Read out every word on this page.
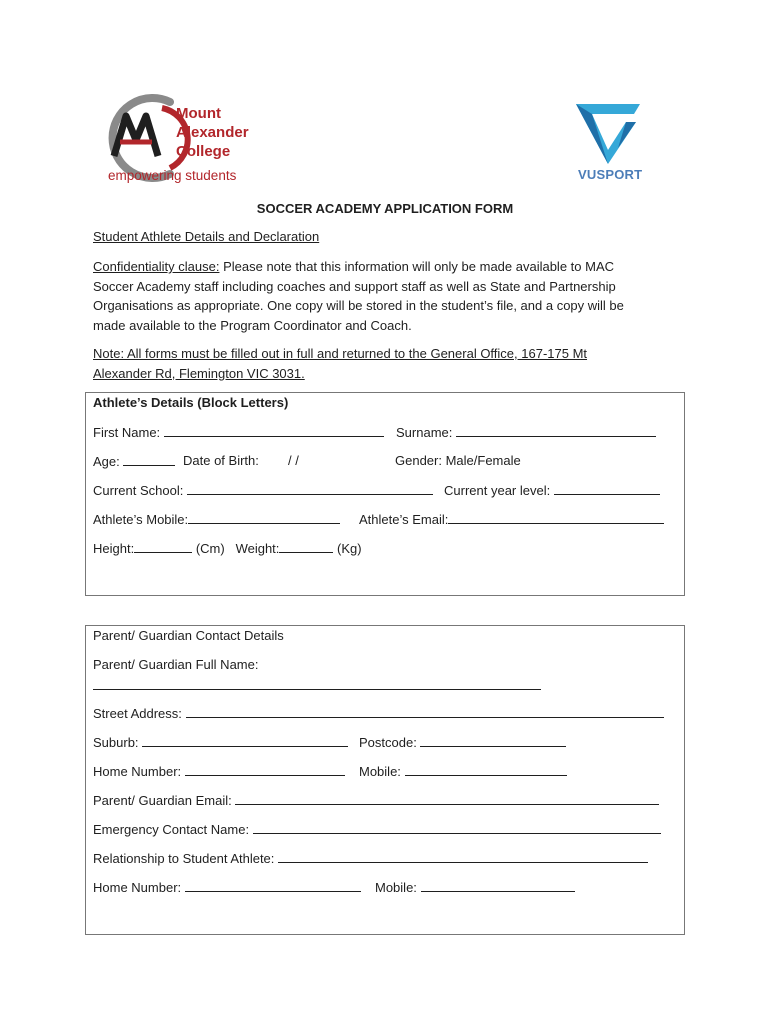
Mount
Alexander
College
empowering students	VUSPORT
SOCCER ACADEMY APPLICATION FORM
Student Athlete Details and Declaration
Confidentiality clause: Please note that this information will only be made available to MAC
Soccer Academy staff including coaches and support staff as well as State and Partnership
Organisations as appropriate. One copy will be stored in the student’s file, and a copy will be
made available to the Program Coordinator and Coach.
Note: All forms must be filled out in full and returned to the General Office, 167-175 Mt
Alexander Rd, Flemington VIC 3031.
Athlete’s Details (Block Letters)
First Name:	Surname:
Age:	Date of Birth: / /	Gender: Male/Female
Current School:	Current year level:
Athlete’s Mobile:	Athlete’s Email:
Height:	(Cm) Weight:	(Kg)
Parent/ Guardian Contact Details
Parent/ Guardian Full Name:
Street Address:
Suburb:	Postcode:
Home Number:	Mobile:
Parent/ Guardian Email:
Emergency Contact Name:
Relationship to Student Athlete:
Home Number:	Mobile:
